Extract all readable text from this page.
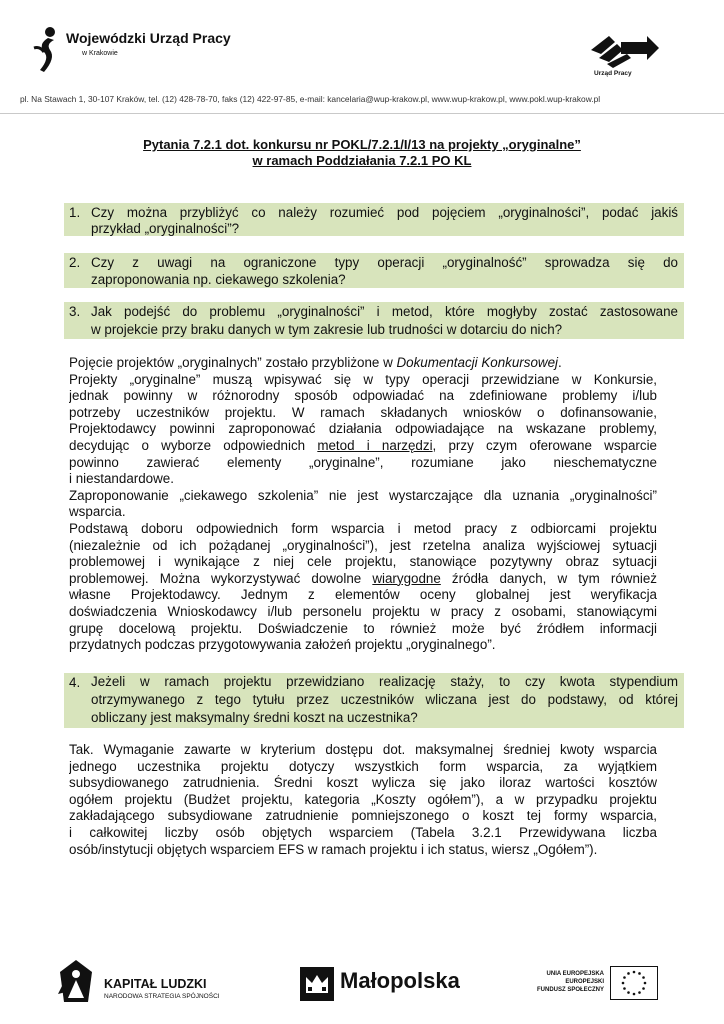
Wojewódzki Urząd Pracy
w Krakowie
Urząd Pracy
pl. Na Stawach 1, 30-107 Kraków, tel. (12) 428-78-70, faks (12) 422-97-85, e-mail: kancelaria@wup-krakow.pl, www.wup-krakow.pl, www.pokl.wup-krakow.pl
Pytania 7.2.1 dot. konkursu nr POKL/7.2.1/I/13 na projekty „oryginalne”
w ramach Poddziałania 7.2.1 PO KL
1. Czy można przybliżyć co należy rozumieć pod pojęciem „oryginalności”, podać jakiś
przykład „oryginalności”?
2. Czy z uwagi na ograniczone typy operacji „oryginalność” sprowadza się do
zaproponowania np. ciekawego szkolenia?
3. Jak podejść do problemu „oryginalności” i metod, które mogłyby zostać zastosowane
w projekcie przy braku danych w tym zakresie lub trudności w dotarciu do nich?
Pojęcie projektów „oryginalnych” zostało przybliżone w Dokumentacji Konkursowej.
Projekty „oryginalne” muszą wpisywać się w typy operacji przewidziane w Konkursie,
jednak powinny w różnorodny sposób odpowiadać na zdefiniowane problemy i/lub
potrzeby uczestników projektu. W ramach składanych wniosków o dofinansowanie,
Projektodawcy powinni zaproponować działania odpowiadające na wskazane problemy,
decydując o wyborze odpowiednich metod i narzędzi, przy czym oferowane wsparcie
powinno zawierać elementy „oryginalne”, rozumiane jako nieschematyczne
i niestandardowe.
Zaproponowanie „ciekawego szkolenia” nie jest wystarczające dla uznania „oryginalności”
wsparcia.
Podstawą doboru odpowiednich form wsparcia i metod pracy z odbiorcami projektu
(niezależnie od ich pożądanej „oryginalności”), jest rzetelna analiza wyjściowej sytuacji
problemowej i wynikające z niej cele projektu, stanowiące pozytywny obraz sytuacji
problemowej. Można wykorzystywać dowolne wiarygodne źródła danych, w tym również
własne Projektodawcy. Jednym z elementów oceny globalnej jest weryfikacja
doświadczenia Wnioskodawcy i/lub personelu projektu w pracy z osobami, stanowiącymi
grupę docelową projektu. Doświadczenie to również może być źródłem informacji
przydatnych podczas przygotowywania założeń projektu „oryginalnego”.
4. Jeżeli w ramach projektu przewidziano realizację staży, to czy kwota stypendium
otrzymywanego z tego tytułu przez uczestników wliczana jest do podstawy, od której
obliczany jest maksymalny średni koszt na uczestnika?
Tak. Wymaganie zawarte w kryterium dostępu dot. maksymalnej średniej kwoty wsparcia
jednego uczestnika projektu dotyczy wszystkich form wsparcia, za wyjątkiem
subsydiowanego zatrudnienia. Średni koszt wylicza się jako iloraz wartości kosztów
ogółem projektu (Budżet projektu, kategoria „Koszty ogółem”), a w przypadku projektu
zakładającego subsydiowane zatrudnienie pomniejszonego o koszt tej formy wsparcia,
i całkowitej liczby osób objętych wsparciem (Tabela 3.2.1 Przewidywana liczba
osób/instytucji objętych wsparciem EFS w ramach projektu i ich status, wiersz „Ogółem”).
KAPITAŁ LUDZKI
NARODOWA STRATEGIA SPÓJNOŚCI
Małopolska	UNIA EUROPEJSKA
EUROPEJSKI
FUNDUSZ SPOŁECZNY
